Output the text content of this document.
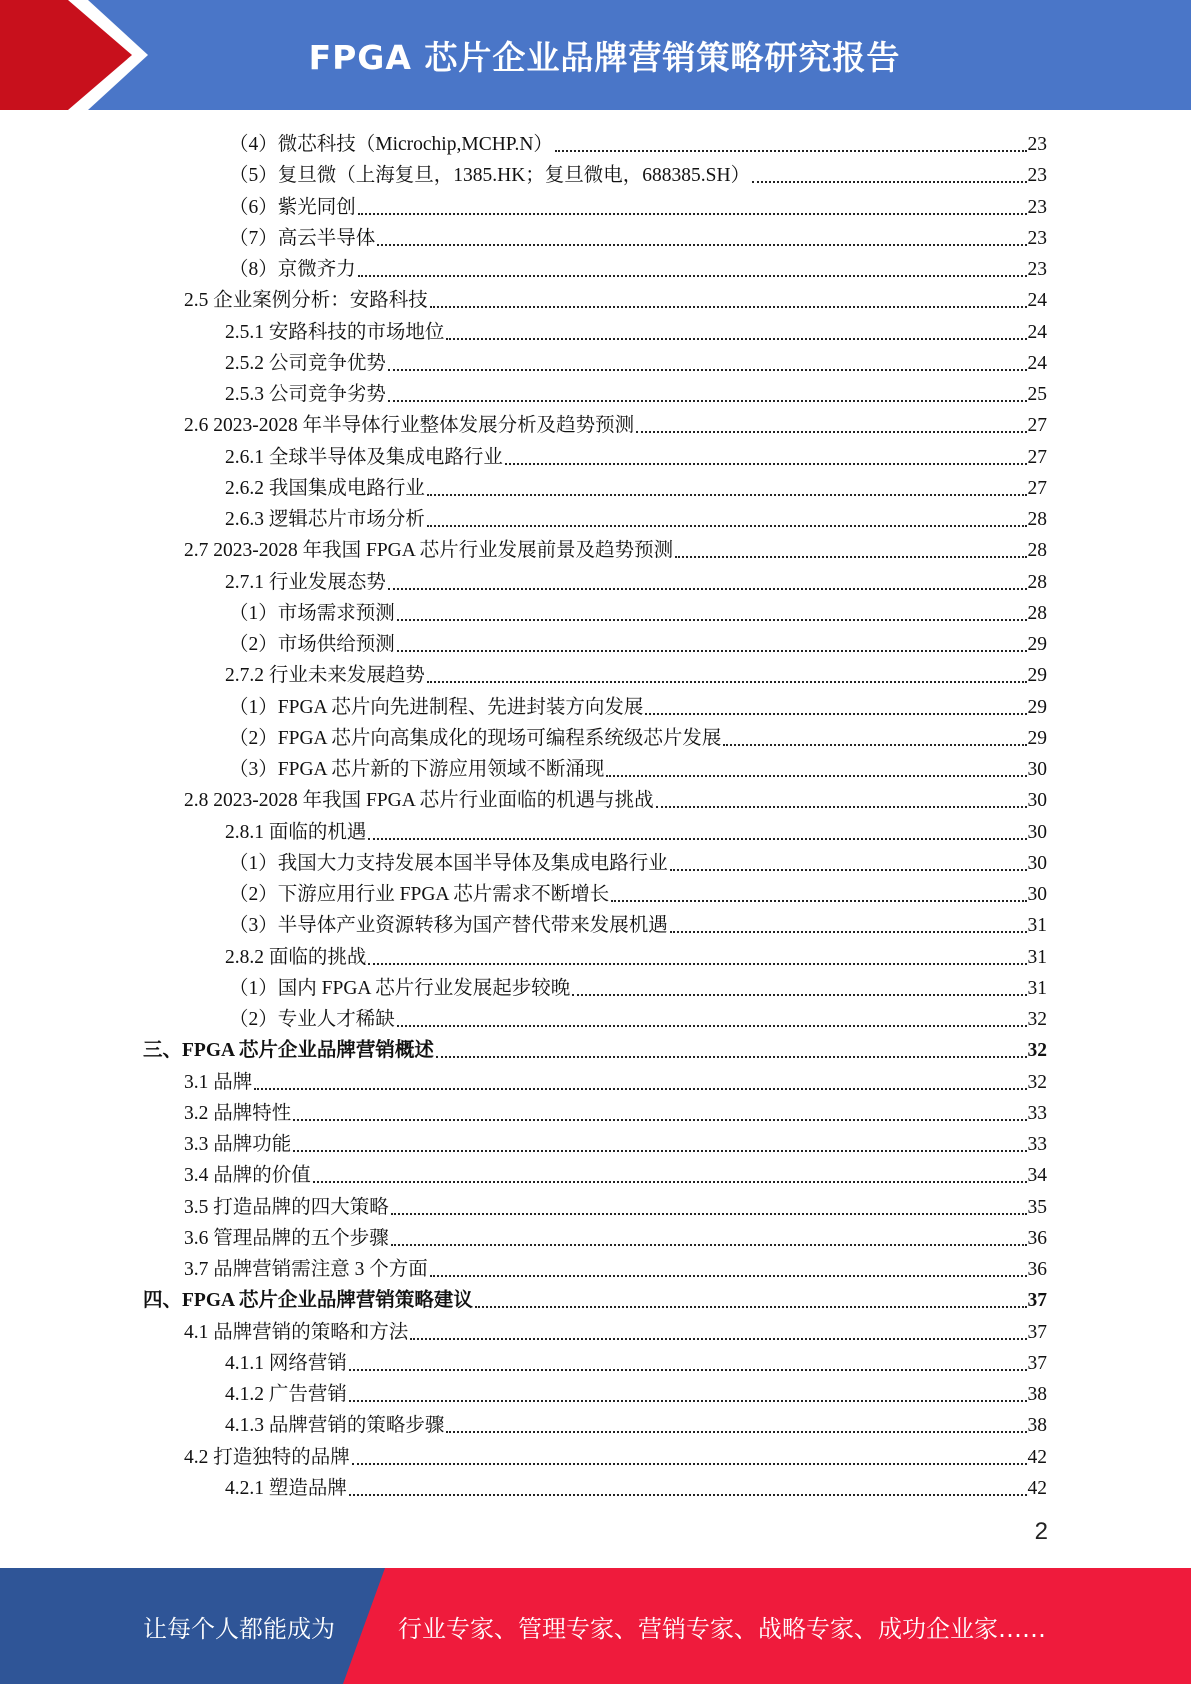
FPGA 芯片企业品牌营销策略研究报告
（4）微芯科技（Microchip,MCHP.N）	23
（5）复旦微（上海复旦，1385.HK；复旦微电，688385.SH）	23
（6）紫光同创	23
（7）高云半导体	23
（8）京微齐力	23
2.5 企业案例分析：安路科技	24
2.5.1 安路科技的市场地位	24
2.5.2 公司竞争优势	24
2.5.3 公司竞争劣势	25
2.6 2023-2028 年半导体行业整体发展分析及趋势预测	27
2.6.1 全球半导体及集成电路行业	27
2.6.2 我国集成电路行业	27
2.6.3 逻辑芯片市场分析	28
2.7 2023-2028 年我国 FPGA 芯片行业发展前景及趋势预测	28
2.7.1 行业发展态势	28
（1）市场需求预测	28
（2）市场供给预测	29
2.7.2 行业未来发展趋势	29
（1）FPGA 芯片向先进制程、先进封装方向发展	29
（2）FPGA 芯片向高集成化的现场可编程系统级芯片发展	29
（3）FPGA 芯片新的下游应用领域不断涌现	30
2.8 2023-2028 年我国 FPGA 芯片行业面临的机遇与挑战	30
2.8.1 面临的机遇	30
（1）我国大力支持发展本国半导体及集成电路行业	30
（2）下游应用行业 FPGA 芯片需求不断增长	30
（3）半导体产业资源转移为国产替代带来发展机遇	31
2.8.2 面临的挑战	31
（1）国内 FPGA 芯片行业发展起步较晚	31
（2）专业人才稀缺	32
三、FPGA 芯片企业品牌营销概述	32
3.1 品牌	32
3.2 品牌特性	33
3.3 品牌功能	33
3.4 品牌的价值	34
3.5 打造品牌的四大策略	35
3.6 管理品牌的五个步骤	36
3.7 品牌营销需注意 3 个方面	36
四、FPGA 芯片企业品牌营销策略建议	37
4.1 品牌营销的策略和方法	37
4.1.1 网络营销	37
4.1.2 广告营销	38
4.1.3 品牌营销的策略步骤	38
4.2 打造独特的品牌	42
4.2.1 塑造品牌	42
2
让每个人都能成为	行业专家、管理专家、营销专家、战略专家、成功企业家……
